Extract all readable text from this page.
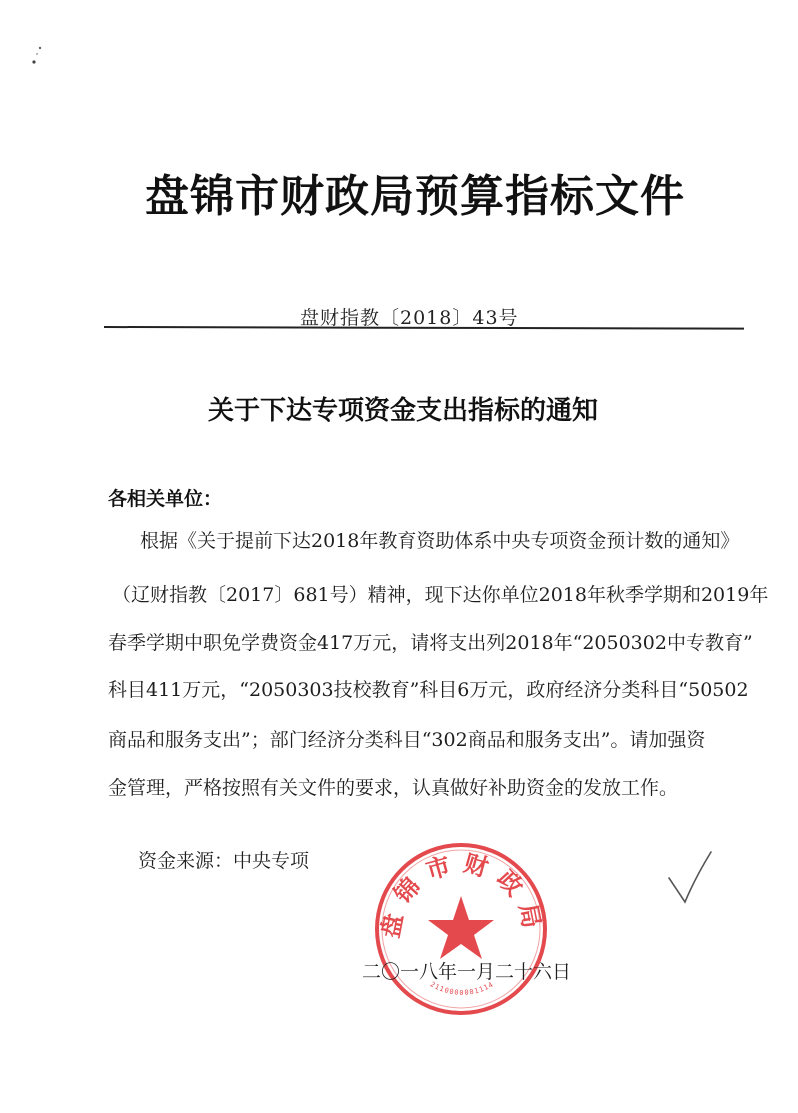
盘锦市财政局预算指标文件
盘财指教〔2018〕43号
关于下达专项资金支出指标的通知
各相关单位：
根据《关于提前下达2018年教育资助体系中央专项资金预计数的通知》
（辽财指教〔2017〕681号）精神，现下达你单位2018年秋季学期和2019年
春季学期中职免学费资金417万元，请将支出列2018年“2050302中专教育”
科目411万元，“2050303技校教育”科目6万元，政府经济分类科目“50502
商品和服务支出”；部门经济分类科目“302商品和服务支出”。请加强资
金管理，严格按照有关文件的要求，认真做好补助资金的发放工作。
资金来源：中央专项
盘锦市财政局
2110000001114
二〇一八年一月二十六日
